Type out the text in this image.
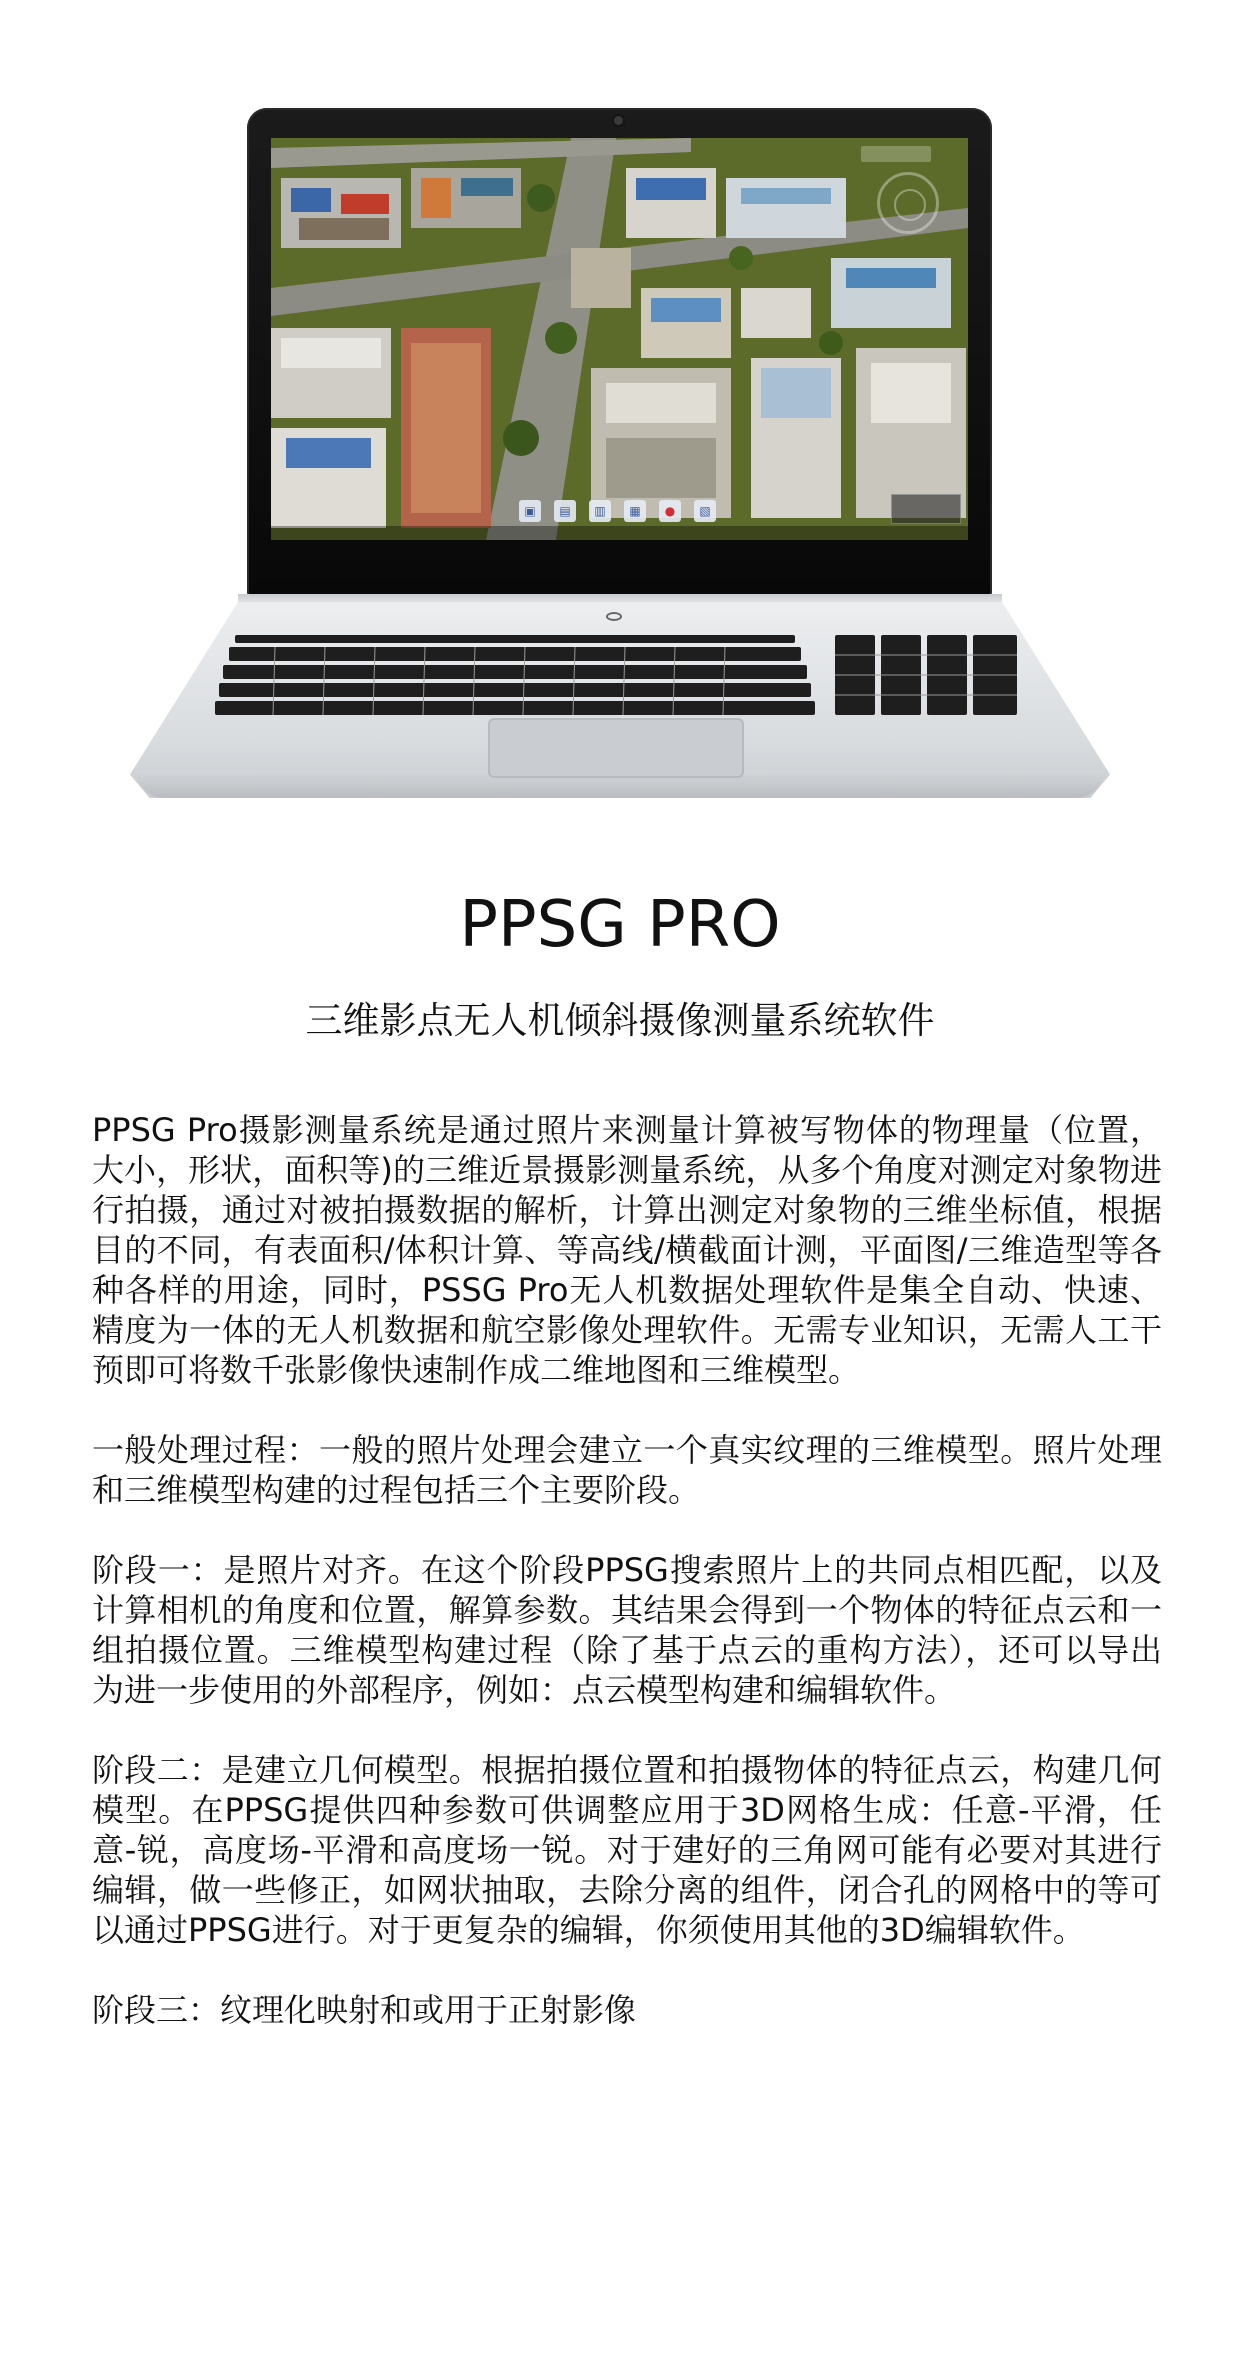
▣	▤	▥	▦	●	▧
PPSG PRO
三维影点无人机倾斜摄像测量系统软件

PPSG Pro摄影测量系统是通过照片来测量计算被写物体的物理量（位置，大小，形状，面积等)的三维近景摄影测量系统，从多个角度对测定对象物进行拍摄，通过对被拍摄数据的解析，计算出测定对象物的三维坐标值，根据目的不同，有表面积/体积计算、等高线/横截面计测，平面图/三维造型等各种各样的用途，同时，PSSG Pro无人机数据处理软件是集全自动、快速、精度为一体的无人机数据和航空影像处理软件。无需专业知识，无需人工干预即可将数千张影像快速制作成二维地图和三维模型。

一般处理过程：一般的照片处理会建立一个真实纹理的三维模型。照片处理和三维模型构建的过程包括三个主要阶段。

阶段一：是照片对齐。在这个阶段PPSG搜索照片上的共同点相匹配，以及计算相机的角度和位置，解算参数。其结果会得到一个物体的特征点云和一组拍摄位置。三维模型构建过程（除了基于点云的重构方法），还可以导出为进一步使用的外部程序，例如：点云模型构建和编辑软件。

阶段二：是建立几何模型。根据拍摄位置和拍摄物体的特征点云，构建几何模型。在PPSG提供四种参数可供调整应用于3D网格生成：任意-平滑，任意-锐，高度场-平滑和高度场一锐。对于建好的三角网可能有必要对其进行编辑，做一些修正，如网状抽取，去除分离的组件，闭合孔的网格中的等可以通过PPSG进行。对于更复杂的编辑，你须使用其他的3D编辑软件。

阶段三：纹理化映射和或用于正射影像
